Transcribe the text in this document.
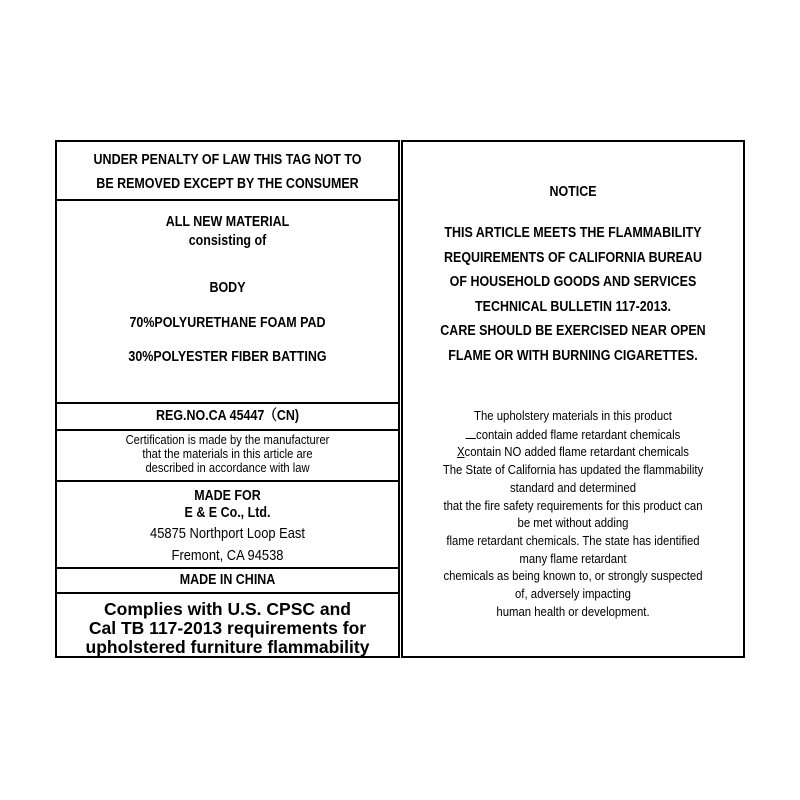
UNDER PENALTY OF LAW THIS TAG NOT TO
BE REMOVED EXCEPT BY THE CONSUMER
ALL NEW MATERIAL
consisting of
BODY
70%POLYURETHANE FOAM PAD
30%POLYESTER FIBER BATTING
REG.NO.CA 45447（CN)
Certification is made by the manufacturer
that the materials in this article are
described in accordance with law
MADE FOR
E & E Co., Ltd.
45875 Northport Loop East
Fremont, CA 94538
MADE IN CHINA
Complies with U.S. CPSC and
Cal TB 117-2013 requirements for
upholstered furniture flammability
NOTICE
THIS ARTICLE MEETS THE FLAMMABILITY
REQUIREMENTS OF CALIFORNIA BUREAU
OF HOUSEHOLD GOODS AND SERVICES
TECHNICAL BULLETIN 117-2013.
CARE SHOULD BE EXERCISED NEAR OPEN
FLAME OR WITH BURNING CIGARETTES.
The upholstery materials in this product
contain added flame retardant chemicals
Xcontain NO added flame retardant chemicals
The State of California has updated the flammability
standard and determined
that the fire safety requirements for this product can
be met without adding
flame retardant chemicals. The state has identified
many flame retardant
chemicals as being known to, or strongly suspected
of, adversely impacting
human health or development.
